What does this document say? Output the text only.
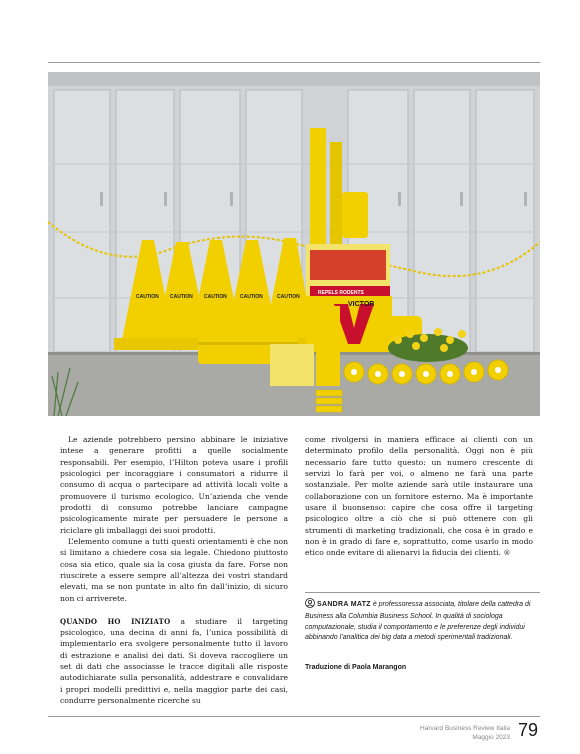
CAUTION CAUTION CAUTION	CAUTION	CAUTION
REPELS RODENTS
VICTOR

Le aziende potrebbero persino abbinare le iniziative intese a generare profitti a quelle socialmente responsabili. Per esempio, l’Hilton poteva usare i profili psicologici per incoraggiare i consumatori a ridurre il consumo di acqua o partecipare ad attività locali volte a promuovere il turismo ecologico. Un’azienda che vende prodotti di consumo potrebbe lanciare campagne psicologicamente mirate per persuadere le persone a riciclare gli imballaggi dei suoi prodotti.

L’elemento comune a tutti questi orientamenti è che non si limitano a chiedere cosa sia legale. Chiedono piuttosto cosa sia etico, quale sia la cosa giusta da fare. Forse non riuscirete a essere sempre all’altezza dei vostri standard elevati, ma se non puntate in alto fin dall’inizio, di sicuro non ci arriverete.

QUANDO HO INIZIATO a studiare il targeting psicologico, una decina di anni fa, l’unica possibilità di implementarlo era svolgere personalmente tutto il lavoro di estrazione e analisi dei dati. Si doveva raccogliere un set di dati che associasse le tracce digitali alle risposte autodichiarate sulla personalità, addestrare e convalidare i propri modelli predittivi e, nella maggior parte dei casi, condurre personalmente ricerche su

come rivolgersi in maniera efficace ai clienti con un determinato profilo della personalità. Oggi non è più necessario fare tutto questo: un numero crescente di servizi lo farà per voi, o almeno ne farà una parte sostanziale. Per molte aziende sarà utile instaurare una collaborazione con un fornitore esterno. Ma è importante usare il buonsenso: capire che cosa offre il targeting psicologico oltre a ciò che si può ottenere con gli strumenti di marketing tradizionali, che cosa è in grado e non è in grado di fare e, soprattutto, come usarlo in modo etico onde evitare di alienarvi la fiducia dei clienti. ®

SANDRA MATZ è professoressa associata, titolare della cattedra di Business alla Columbia Business School. In qualità di sociologa computazionale, studia il comportamento e le preferenze degli individui abbinando l’analitica dei big data a metodi sperimentali tradizionali.
Traduzione di Paola Marangon
Harvard Business Review Italia
Maggio 2023 79
